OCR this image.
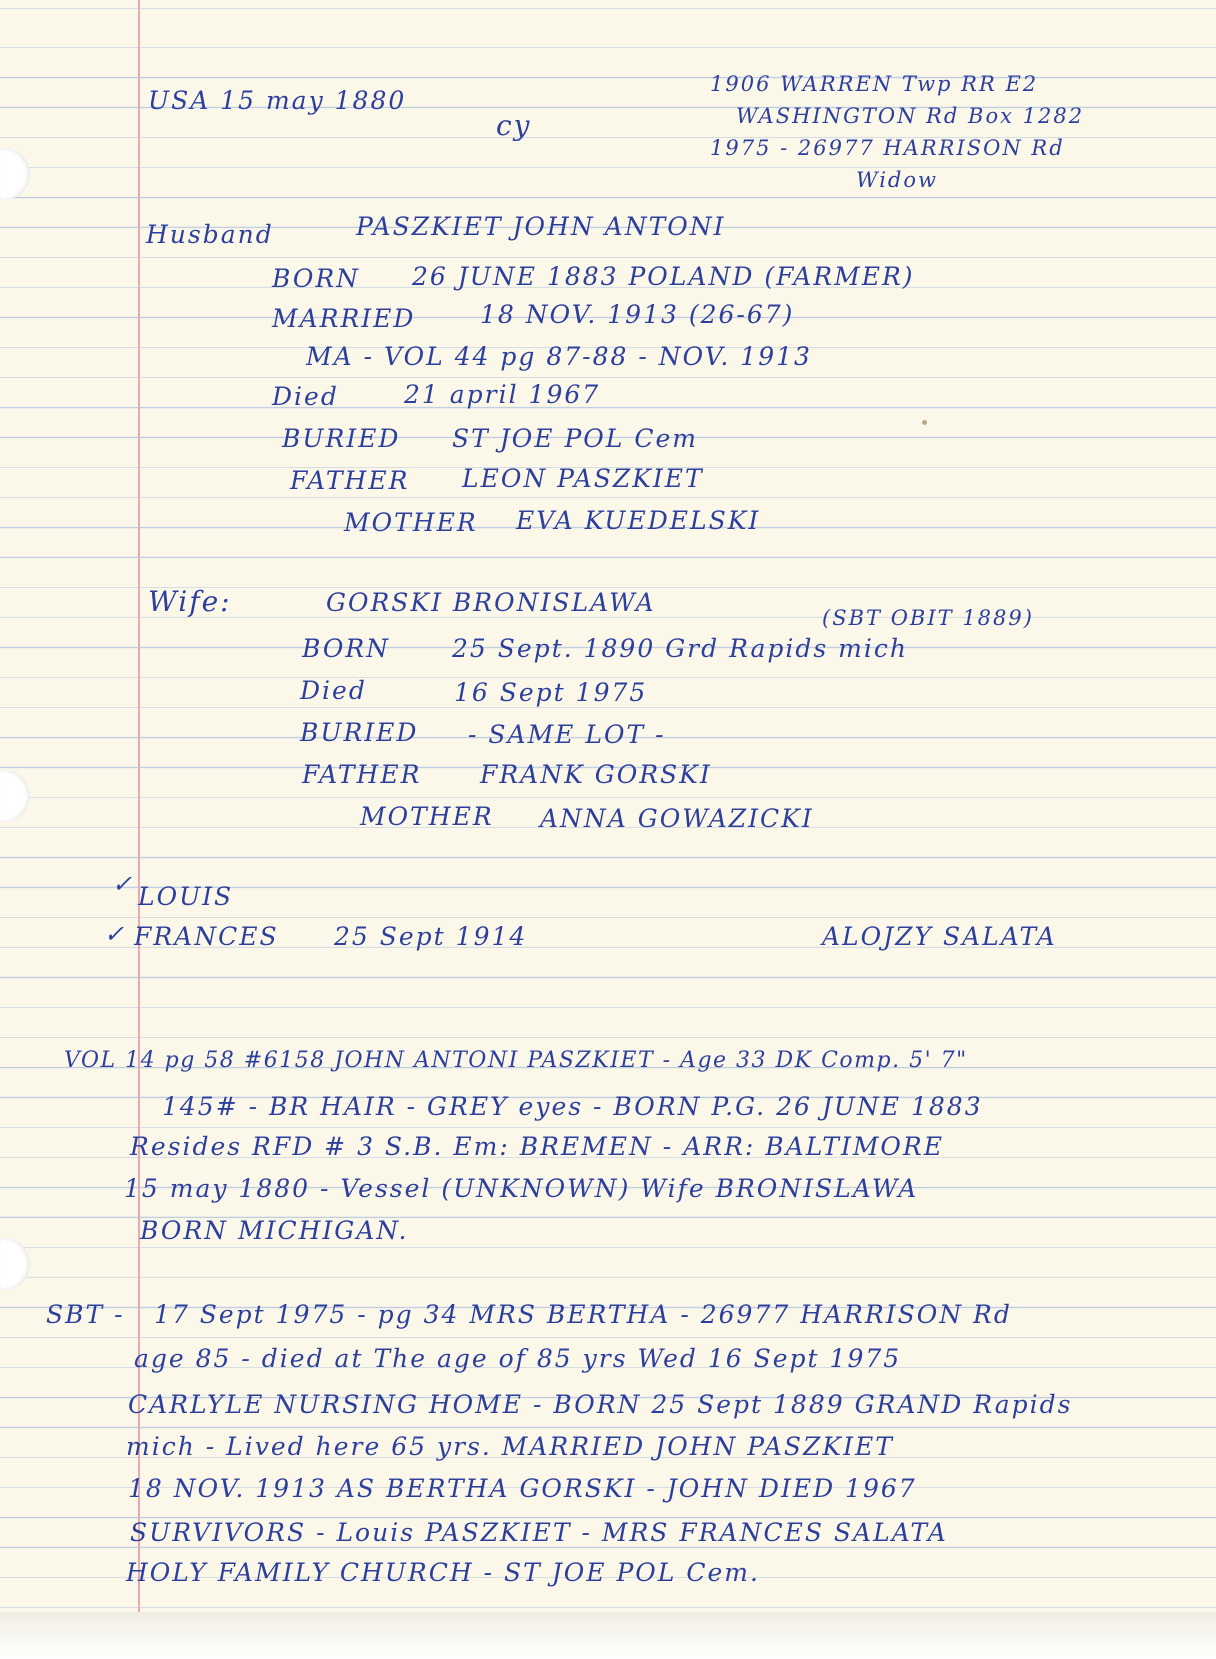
USA 15 may 1880
cy
1906 WARREN Twp RR E2
WASHINGTON Rd Box 1282
1975 - 26977 HARRISON Rd
Widow
Husband	PASZKIET JOHN ANTONI
BORN 26 JUNE 1883 POLAND (FARMER)
MARRIED	18 NOV. 1913 (26-67)
MA - VOL 44 pg 87-88 - NOV. 1913
Died	21 april 1967
BURIED ST JOE POL Cem
FATHER LEON PASZKIET
MOTHER EVA KUEDELSKI
Wife:	GORSKI BRONISLAWA
(SBT OBIT 1889)
BORN 25 Sept. 1890 Grd Rapids mich
Died	16 Sept 1975
BURIED - SAME LOT -
FATHER FRANK GORSKI
MOTHER ANNA GOWAZICKI
✓ LOUIS
✓ FRANCES 25 Sept 1914	ALOJZY SALATA
VOL 14 pg 58 #6158 JOHN ANTONI PASZKIET - Age 33 DK Comp. 5' 7"
145# - BR HAIR - GREY eyes - BORN P.G. 26 JUNE 1883
Resides RFD # 3 S.B. Em: BREMEN - ARR: BALTIMORE
15 may 1880 - Vessel (UNKNOWN) Wife BRONISLAWA
BORN MICHIGAN.
SBT - 17 Sept 1975 - pg 34 MRS BERTHA - 26977 HARRISON Rd
age 85 - died at The age of 85 yrs Wed 16 Sept 1975
CARLYLE NURSING HOME - BORN 25 Sept 1889 GRAND Rapids
mich - Lived here 65 yrs. MARRIED JOHN PASZKIET
18 NOV. 1913 AS BERTHA GORSKI - JOHN DIED 1967
SURVIVORS - Louis PASZKIET - MRS FRANCES SALATA
HOLY FAMILY CHURCH - ST JOE POL Cem.
